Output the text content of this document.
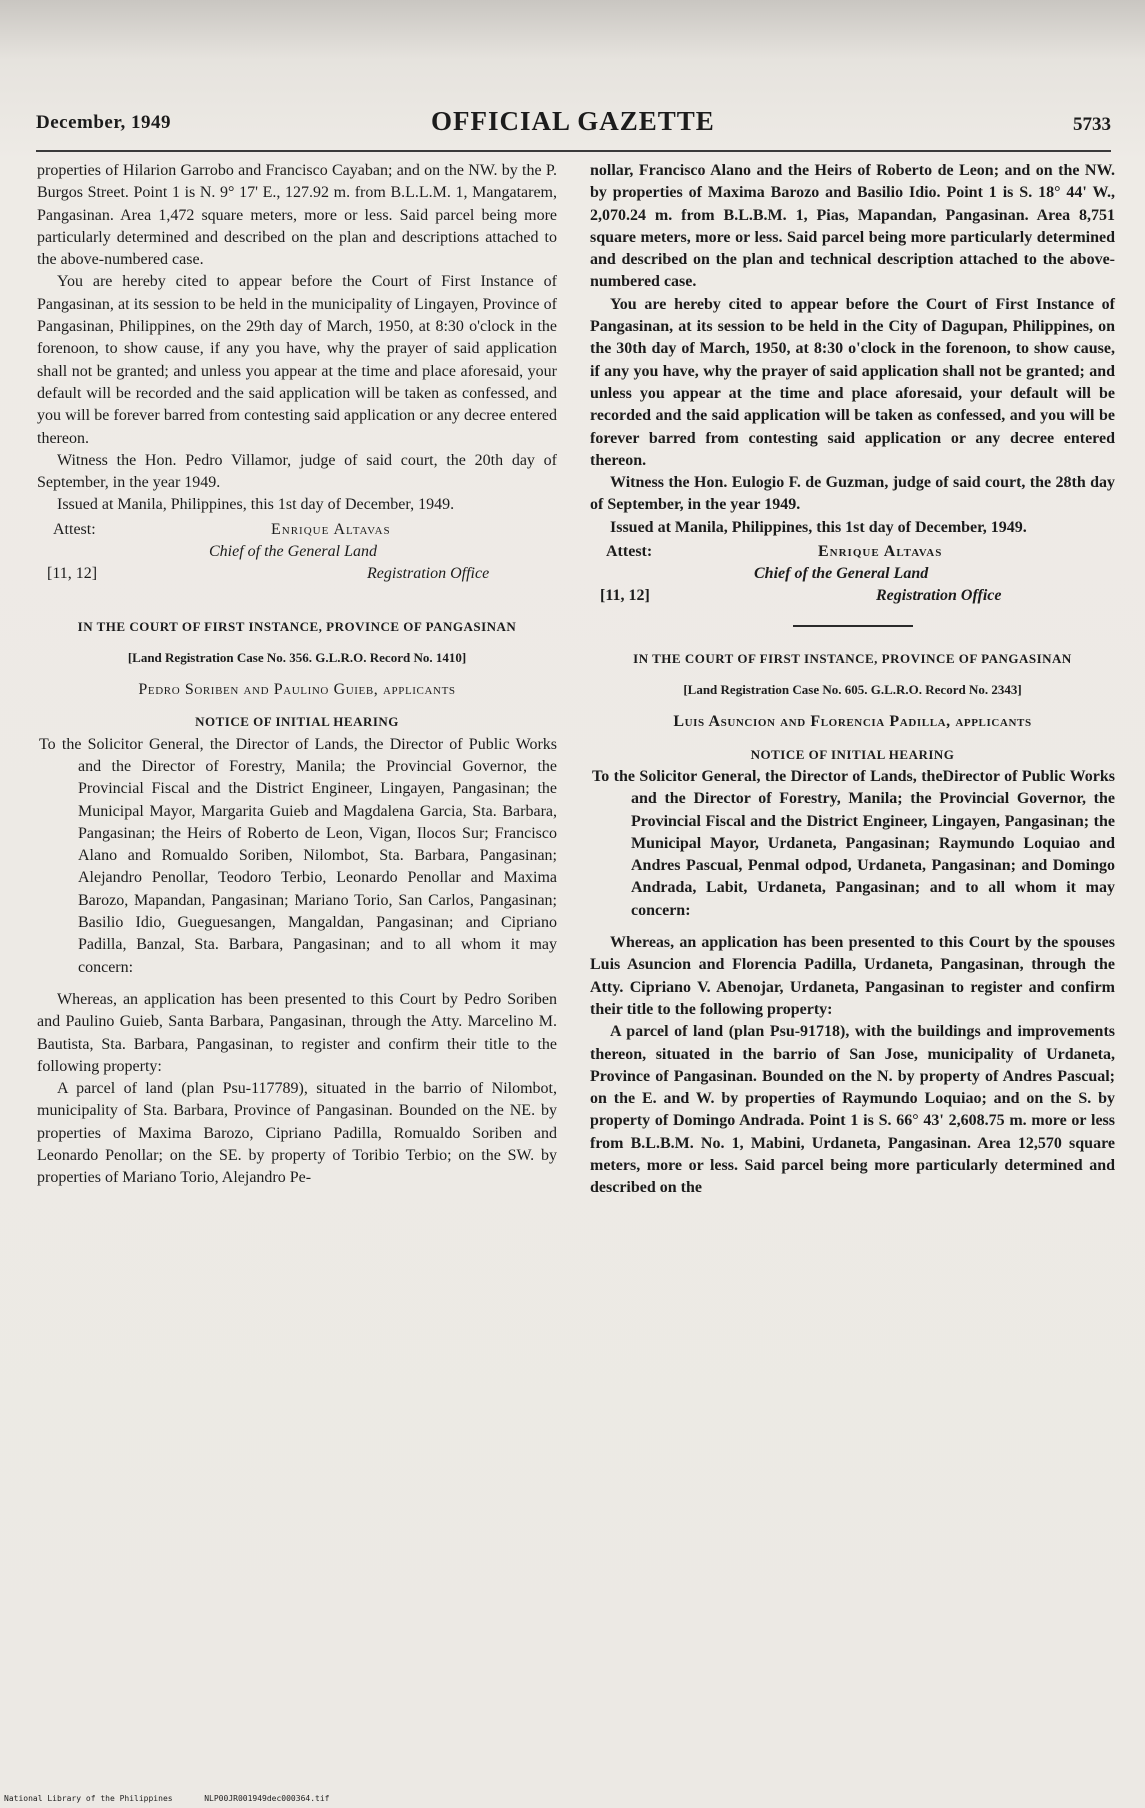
December, 1949	OFFICIAL GAZETTE	5733

properties of Hilarion Garrobo and Francisco Cayaban; and on the NW. by the P. Burgos Street. Point 1 is N. 9° 17' E., 127.92 m. from B.L.L.M. 1, Mangatarem, Pangasinan. Area 1,472 square meters, more or less. Said parcel being more particularly determined and described on the plan and descriptions attached to the above-numbered case.

You are hereby cited to appear before the Court of First Instance of Pangasinan, at its session to be held in the municipality of Lingayen, Province of Pangasinan, Philippines, on the 29th day of March, 1950, at 8:30 o'clock in the forenoon, to show cause, if any you have, why the prayer of said application shall not be granted; and unless you appear at the time and place aforesaid, your default will be recorded and the said application will be taken as confessed, and you will be forever barred from contesting said application or any decree entered thereon.

Witness the Hon. Pedro Villamor, judge of said court, the 20th day of September, in the year 1949.

Issued at Manila, Philippines, this 1st day of December, 1949.

Attest:	Enrique Altavas
Chief of the General Land
[11, 12]	Registration Office
IN THE COURT OF FIRST INSTANCE, PROVINCE OF PANGASINAN
[Land Registration Case No. 356. G.L.R.O. Record No. 1410]
Pedro Soriben and Paulino Guieb, applicants
NOTICE OF INITIAL HEARING

To the Solicitor General, the Director of Lands, the Director of Public Works and the Director of Forestry, Manila; the Provincial Governor, the Provincial Fiscal and the District Engineer, Lingayen, Pangasinan; the Municipal Mayor, Margarita Guieb and Magdalena Garcia, Sta. Barbara, Pangasinan; the Heirs of Roberto de Leon, Vigan, Ilocos Sur; Francisco Alano and Romualdo Soriben, Nilombot, Sta. Barbara, Pangasinan; Alejandro Penollar, Teodoro Terbio, Leonardo Penollar and Maxima Barozo, Mapandan, Pangasinan; Mariano Torio, San Carlos, Pangasinan; Basilio Idio, Gueguesangen, Mangaldan, Pangasinan; and Cipriano Padilla, Banzal, Sta. Barbara, Pangasinan; and to all whom it may concern:

Whereas, an application has been presented to this Court by Pedro Soriben and Paulino Guieb, Santa Barbara, Pangasinan, through the Atty. Marcelino M. Bautista, Sta. Barbara, Pangasinan, to register and confirm their title to the following property:

A parcel of land (plan Psu-117789), situated in the barrio of Nilombot, municipality of Sta. Barbara, Province of Pangasinan. Bounded on the NE. by properties of Maxima Barozo, Cipriano Padilla, Romualdo Soriben and Leonardo Penollar; on the SE. by property of Toribio Terbio; on the SW. by properties of Mariano Torio, Alejandro Pe-

nollar, Francisco Alano and the Heirs of Roberto de Leon; and on the NW. by properties of Maxima Barozo and Basilio Idio. Point 1 is S. 18° 44' W., 2,070.24 m. from B.L.B.M. 1, Pias, Mapandan, Pangasinan. Area 8,751 square meters, more or less. Said parcel being more particularly determined and described on the plan and technical description attached to the above-numbered case.

You are hereby cited to appear before the Court of First Instance of Pangasinan, at its session to be held in the City of Dagupan, Philippines, on the 30th day of March, 1950, at 8:30 o'clock in the forenoon, to show cause, if any you have, why the prayer of said application shall not be granted; and unless you appear at the time and place aforesaid, your default will be recorded and the said application will be taken as confessed, and you will be forever barred from contesting said application or any decree entered thereon.

Witness the Hon. Eulogio F. de Guzman, judge of said court, the 28th day of September, in the year 1949.

Issued at Manila, Philippines, this 1st day of December, 1949.

Attest:	Enrique Altavas
Chief of the General Land
[11, 12]	Registration Office
IN THE COURT OF FIRST INSTANCE, PROVINCE OF PANGASINAN
[Land Registration Case No. 605. G.L.R.O. Record No. 2343]
Luis Asuncion and Florencia Padilla, applicants
NOTICE OF INITIAL HEARING

To the Solicitor General, the Director of Lands, theDirector of Public Works and the Director of Forestry, Manila; the Provincial Governor, the Provincial Fiscal and the District Engineer, Lingayen, Pangasinan; the Municipal Mayor, Urdaneta, Pangasinan; Raymundo Loquiao and Andres Pascual, Penmal odpod, Urdaneta, Pangasinan; and Domingo Andrada, Labit, Urdaneta, Pangasinan; and to all whom it may concern:

Whereas, an application has been presented to this Court by the spouses Luis Asuncion and Florencia Padilla, Urdaneta, Pangasinan, through the Atty. Cipriano V. Abenojar, Urdaneta, Pangasinan to register and confirm their title to the following property:

A parcel of land (plan Psu-91718), with the buildings and improvements thereon, situated in the barrio of San Jose, municipality of Urdaneta, Province of Pangasinan. Bounded on the N. by property of Andres Pascual; on the E. and W. by properties of Raymundo Loquiao; and on the S. by property of Domingo Andrada. Point 1 is S. 66° 43' 2,608.75 m. more or less from B.L.B.M. No. 1, Mabini, Urdaneta, Pangasinan. Area 12,570 square meters, more or less. Said parcel being more particularly determined and described on the

National Library of the Philippines	NLP00JR001949dec000364.tif
